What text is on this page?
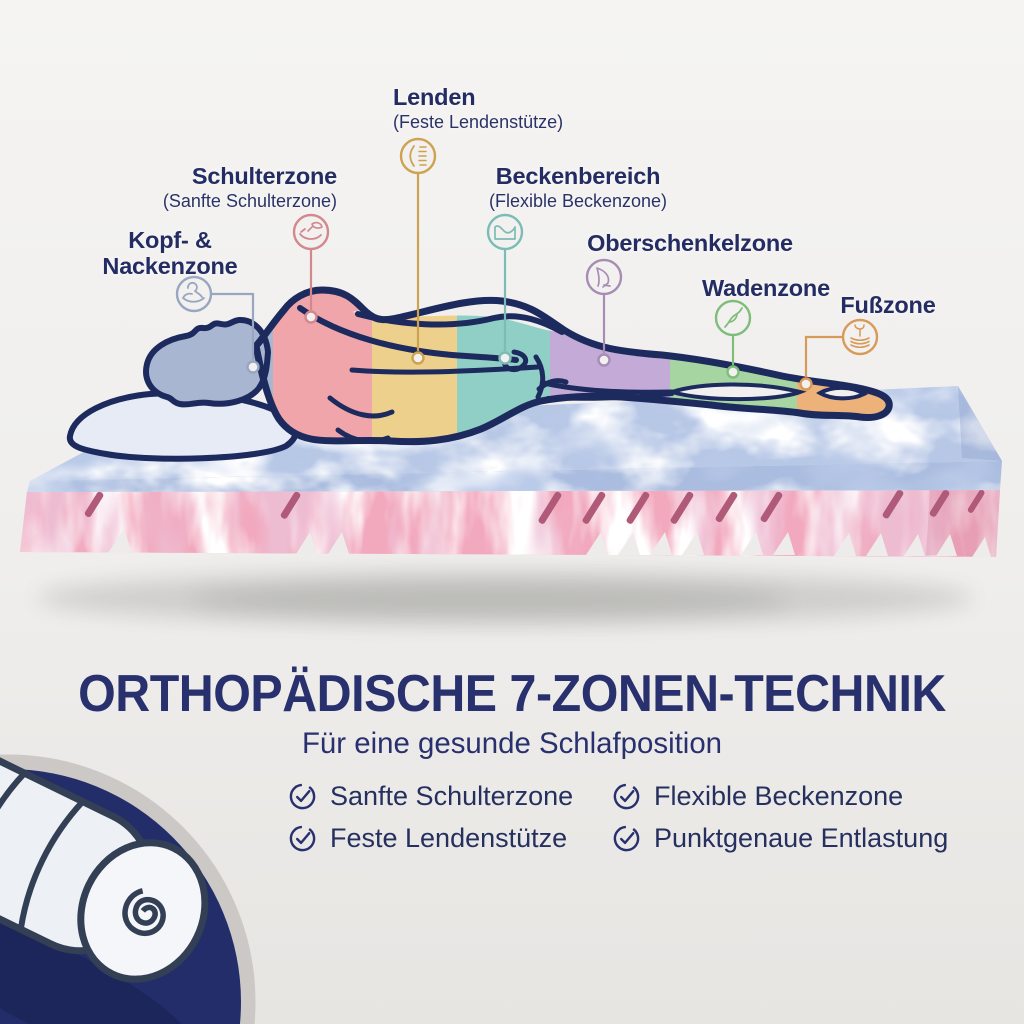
Kopf- & Nackenzone
Schulterzone
(Sanfte Schulterzone)
Lenden
(Feste Lendenstütze)
Beckenbereich
(Flexible Beckenzone)
Oberschenkelzone
Wadenzone
Fußzone
ORTHOPÄDISCHE 7-ZONEN-TECHNIK
Für eine gesunde Schlafposition
Sanfte Schulterzone	Flexible Beckenzone
Feste Lendenstütze	Punktgenaue Entlastung
